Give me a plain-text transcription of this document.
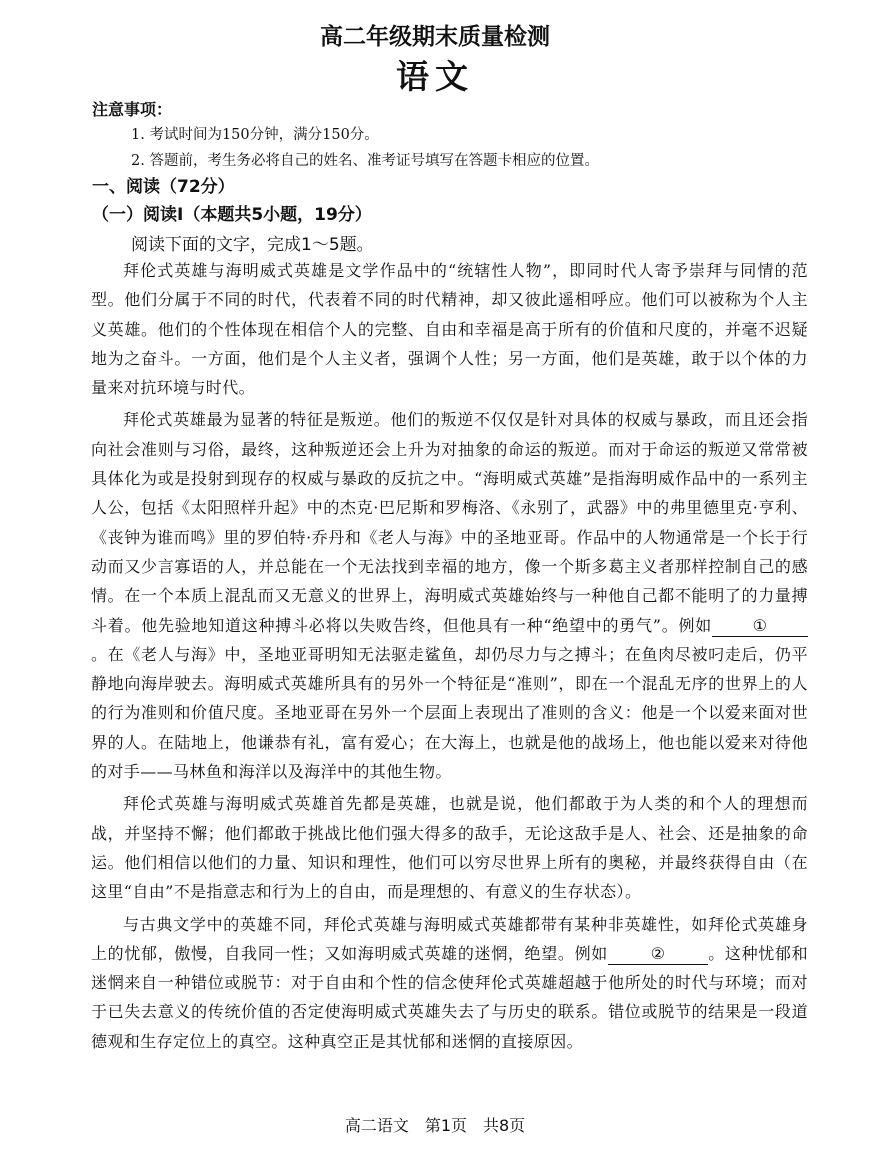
高二年级期末质量检测
语文
注意事项：
1. 考试时间为150分钟，满分150分。
2. 答题前，考生务必将自己的姓名、准考证号填写在答题卡相应的位置。
一、阅读（72分）
（一）阅读Ⅰ（本题共5小题，19分）
阅读下面的文字，完成1～5题。

拜伦式英雄与海明威式英雄是文学作品中的“统辖性人物”，即同时代人寄予崇拜与同情的范型。他们分属于不同的时代，代表着不同的时代精神，却又彼此遥相呼应。他们可以被称为个人主义英雄。他们的个性体现在相信个人的完整、自由和幸福是高于所有的价值和尺度的，并毫不迟疑地为之奋斗。一方面，他们是个人主义者，强调个人性；另一方面，他们是英雄，敢于以个体的力量来对抗环境与时代。

拜伦式英雄最为显著的特征是叛逆。他们的叛逆不仅仅是针对具体的权威与暴政，而且还会指向社会准则与习俗，最终，这种叛逆还会上升为对抽象的命运的叛逆。而对于命运的叛逆又常常被具体化为或是投射到现存的权威与暴政的反抗之中。“海明威式英雄”是指海明威作品中的一系列主人公，包括《太阳照样升起》中的杰克·巴尼斯和罗梅洛、《永别了，武器》中的弗里德里克·亨利、《丧钟为谁而鸣》里的罗伯特·乔丹和《老人与海》中的圣地亚哥。作品中的人物通常是一个长于行动而又少言寡语的人，并总能在一个无法找到幸福的地方，像一个斯多葛主义者那样控制自己的感情。在一个本质上混乱而又无意义的世界上，海明威式英雄始终与一种他自己都不能明了的力量搏斗着。他先验地知道这种搏斗必将以失败告终，但他具有一种“绝望中的勇气”。例如	①。在《老人与海》中，圣地亚哥明知无法驱走鲨鱼，却仍尽力与之搏斗；在鱼肉尽被叼走后，仍平静地向海岸驶去。海明威式英雄所具有的另外一个特征是“准则”，即在一个混乱无序的世界上的人的行为准则和价值尺度。圣地亚哥在另外一个层面上表现出了准则的含义：他是一个以爱来面对世界的人。在陆地上，他谦恭有礼，富有爱心；在大海上，也就是他的战场上，他也能以爱来对待他的对手——马林鱼和海洋以及海洋中的其他生物。

拜伦式英雄与海明威式英雄首先都是英雄，也就是说，他们都敢于为人类的和个人的理想而战，并坚持不懈；他们都敢于挑战比他们强大得多的敌手，无论这敌手是人、社会、还是抽象的命运。他们相信以他们的力量、知识和理性，他们可以穷尽世界上所有的奥秘，并最终获得自由（在这里“自由”不是指意志和行为上的自由，而是理想的、有意义的生存状态）。

与古典文学中的英雄不同，拜伦式英雄与海明威式英雄都带有某种非英雄性，如拜伦式英雄身上的忧郁，傲慢，自我同一性；又如海明威式英雄的迷惘，绝望。例如	②	。这种忧郁和迷惘来自一种错位或脱节：对于自由和个性的信念使拜伦式英雄超越于他所处的时代与环境；而对于已失去意义的传统价值的否定使海明威式英雄失去了与历史的联系。错位或脱节的结果是一段道德观和生存定位上的真空。这种真空正是其忧郁和迷惘的直接原因。

高二语文　第1页　共8页
